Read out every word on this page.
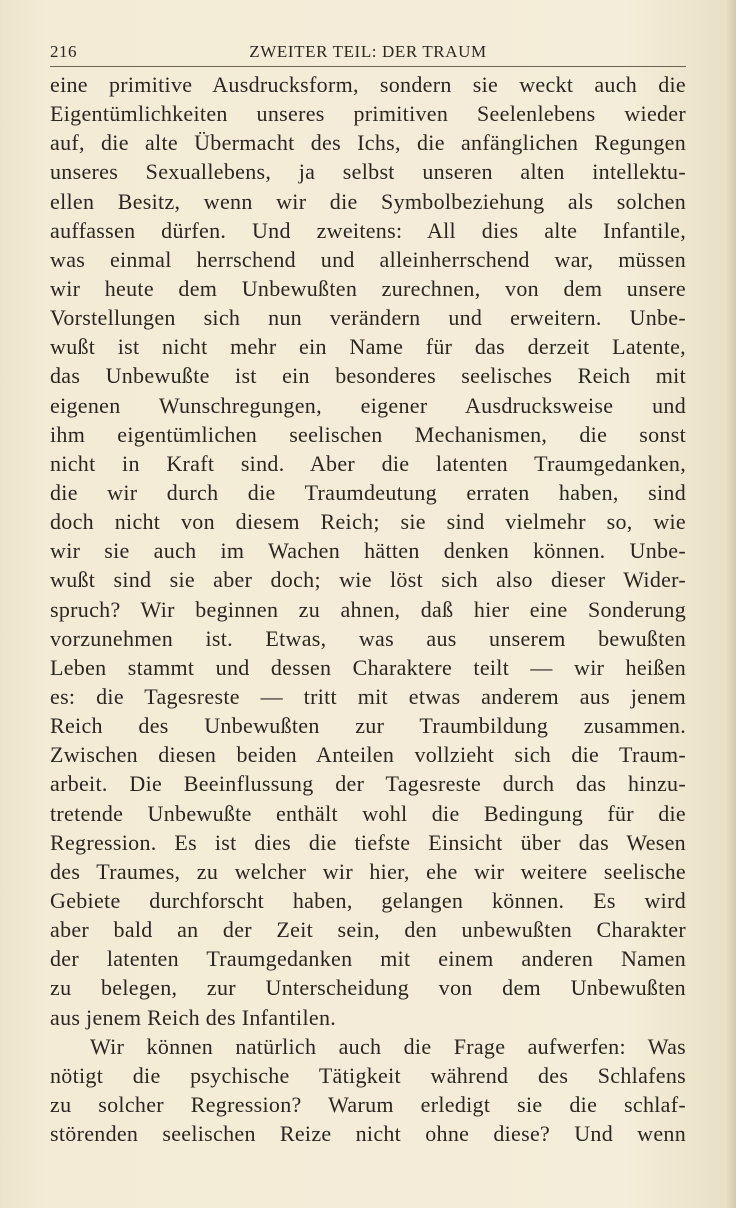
216	ZWEITER TEIL: DER TRAUM
eine primitive Ausdrucksform, sondern sie weckt auch die
Eigentümlichkeiten unseres primitiven Seelenlebens wieder
auf, die alte Übermacht des Ichs, die anfänglichen Regungen
unseres Sexuallebens, ja selbst unseren alten intellektu-
ellen Besitz, wenn wir die Symbolbeziehung als solchen
auffassen dürfen. Und zweitens: All dies alte Infantile,
was einmal herrschend und alleinherrschend war, müssen
wir heute dem Unbewußten zurechnen, von dem unsere
Vorstellungen sich nun verändern und erweitern. Unbe-
wußt ist nicht mehr ein Name für das derzeit Latente,
das Unbewußte ist ein besonderes seelisches Reich mit
eigenen Wunschregungen, eigener Ausdrucksweise und
ihm eigentümlichen seelischen Mechanismen, die sonst
nicht in Kraft sind. Aber die latenten Traumgedanken,
die wir durch die Traumdeutung erraten haben, sind
doch nicht von diesem Reich; sie sind vielmehr so, wie
wir sie auch im Wachen hätten denken können. Unbe-
wußt sind sie aber doch; wie löst sich also dieser Wider-
spruch? Wir beginnen zu ahnen, daß hier eine Sonderung
vorzunehmen ist. Etwas, was aus unserem bewußten
Leben stammt und dessen Charaktere teilt — wir heißen
es: die Tagesreste — tritt mit etwas anderem aus jenem
Reich des Unbewußten zur Traumbildung zusammen.
Zwischen diesen beiden Anteilen vollzieht sich die Traum-
arbeit. Die Beeinflussung der Tagesreste durch das hinzu-
tretende Unbewußte enthält wohl die Bedingung für die
Regression. Es ist dies die tiefste Einsicht über das Wesen
des Traumes, zu welcher wir hier, ehe wir weitere seelische
Gebiete durchforscht haben, gelangen können. Es wird
aber bald an der Zeit sein, den unbewußten Charakter
der latenten Traumgedanken mit einem anderen Namen
zu belegen, zur Unterscheidung von dem Unbewußten
aus jenem Reich des Infantilen.
Wir können natürlich auch die Frage aufwerfen: Was
nötigt die psychische Tätigkeit während des Schlafens
zu solcher Regression? Warum erledigt sie die schlaf-
störenden seelischen Reize nicht ohne diese? Und wenn
